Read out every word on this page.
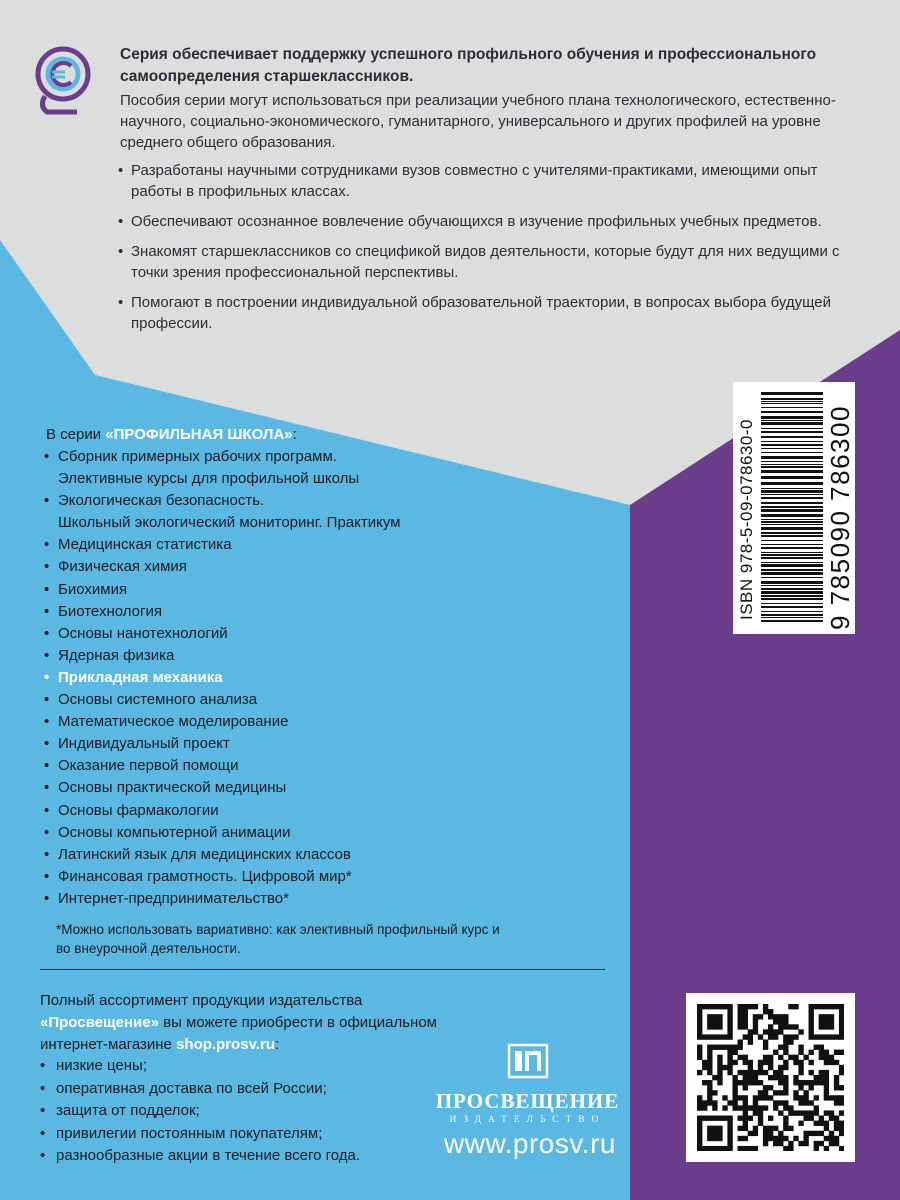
Серия обеспечивает поддержку успешного профильного обучения и профессионального самоопределения старшеклассников.
Пособия серии могут использоваться при реализации учебного плана технологического, естественно-научного, социально-экономического, гуманитарного, универсального и других профилей на уровне среднего общего образования.
• Разработаны научными сотрудниками вузов совместно с учителями-практиками, имеющими опыт работы в профильных классах.
• Обеспечивают осознанное вовлечение обучающихся в изучение профильных учебных предметов.
• Знакомят старшеклассников со спецификой видов деятельности, которые будут для них ведущими с точки зрения профессиональной перспективы.
• Помогают в построении индивидуальной образовательной траектории, в вопросах выбора будущей профессии.
В серии «ПРОФИЛЬНАЯ ШКОЛА»:
• Сборник примерных рабочих программ.
Элективные курсы для профильной школы
• Экологическая безопасность.
Школьный экологический мониторинг. Практикум
• Медицинская статистика
• Физическая химия
• Биохимия
• Биотехнология
• Основы нанотехнологий
• Ядерная физика
• Прикладная механика
• Основы системного анализа
• Математическое моделирование
• Индивидуальный проект
• Оказание первой помощи
• Основы практической медицины
• Основы фармакологии
• Основы компьютерной анимации
• Латинский язык для медицинских классов
• Финансовая грамотность. Цифровой мир*
• Интернет-предпринимательство*
*Можно использовать вариативно: как элективный профильный курс и во внеурочной деятельности.
Полный ассортимент продукции издательства «Просвещение» вы можете приобрести в официальном интернет-магазине shop.prosv.ru:
• низкие цены;
• оперативная доставка по всей России;
• защита от подделок;
• привилегии постоянным покупателям;
• разнообразные акции в течение всего года.
ПРОСВЕЩЕНИЕ
ИЗДАТЕЛЬСТВО
www.prosv.ru
ISBN 978-5-09-078630-0	9 785090 786300
